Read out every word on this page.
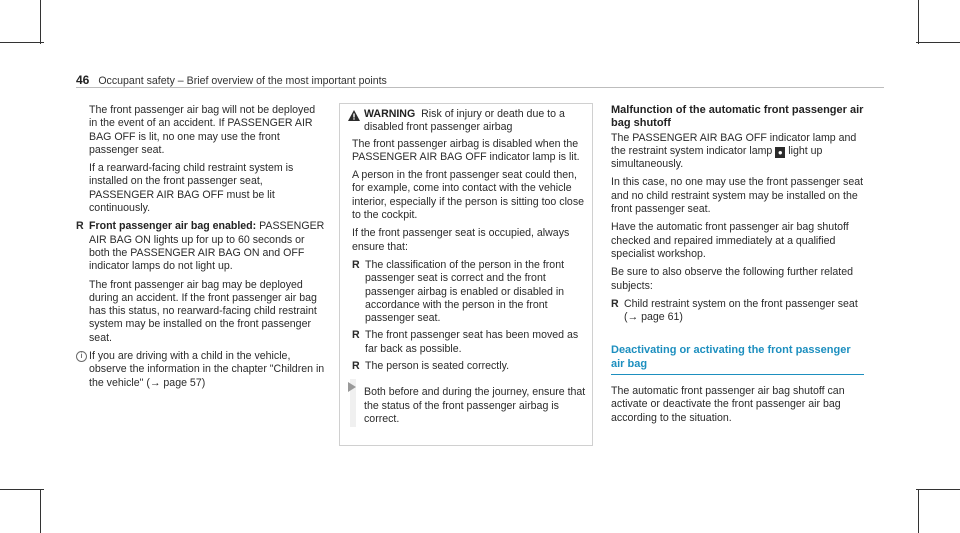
46 Occupant safety – Brief overview of the most important points

The front passenger air bag will not be deployed in the event of an accident. If PASSENGER AIR BAG OFF is lit, no one may use the front passenger seat.

If a rearward-facing child restraint system is installed on the front passenger seat, PASSENGER AIR BAG OFF must be lit continuously.

R Front passenger air bag enabled: PASSENGER AIR BAG ON lights up for up to 60 seconds or both the PASSENGER AIR BAG ON and OFF indicator lamps do not light up.

The front passenger air bag may be deployed during an accident. If the front passenger air bag has this status, no rearward-facing child restraint system may be installed on the front passenger seat.

i If you are driving with a child in the vehicle, observe the information in the chapter "Children in the vehicle" (→ page 57)
WARNING Risk of injury or death due to a disabled front passenger airbag

The front passenger airbag is disabled when the PASSENGER AIR BAG OFF indicator lamp is lit.

A person in the front passenger seat could then, for example, come into contact with the vehicle interior, especially if the person is sitting too close to the cockpit.

If the front passenger seat is occupied, always ensure that:

R The classification of the person in the front passenger seat is correct and the front passenger airbag is enabled or disabled in accordance with the person in the front passenger seat.
R The front passenger seat has been moved as far back as possible.
R The person is seated correctly.
Both before and during the journey, ensure that the status of the front passenger airbag is correct.
Malfunction of the automatic front passenger air bag shutoff

The PASSENGER AIR BAG OFF indicator lamp and the restraint system indicator lamp ● light up simultaneously.

In this case, no one may use the front passenger seat and no child restraint system may be installed on the front passenger seat.

Have the automatic front passenger air bag shutoff checked and repaired immediately at a qualified specialist workshop.

Be sure to also observe the following further related subjects:

R Child restraint system on the front passenger seat (→ page 61)
Deactivating or activating the front passenger air bag

The automatic front passenger air bag shutoff can activate or deactivate the front passenger air bag according to the situation.
